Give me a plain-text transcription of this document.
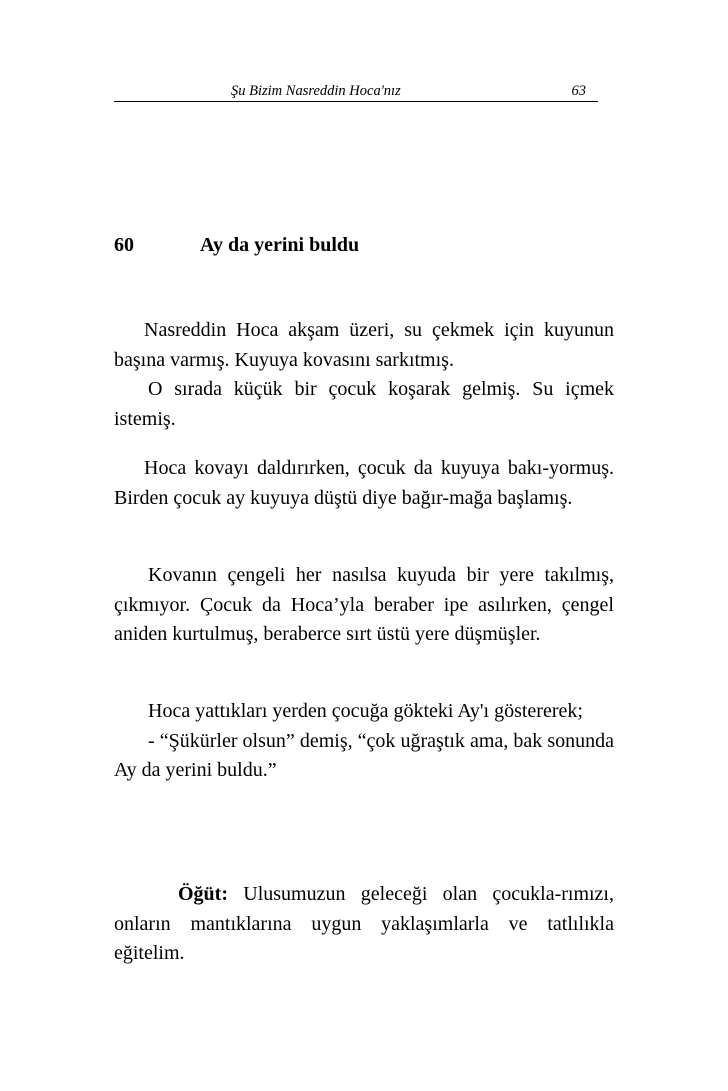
Şu Bizim Nasreddin Hoca'nız	63
60	Ay da yerini buldu

Nasreddin Hoca akşam üzeri, su çekmek için kuyunun başına varmış. Kuyuya kovasını sarkıtmış.

O sırada küçük bir çocuk koşarak gelmiş. Su içmek istemiş.

Hoca kovayı daldırırken, çocuk da kuyuya bakı-yormuş. Birden çocuk ay kuyuya düştü diye bağır-mağa başlamış.

Kovanın çengeli her nasılsa kuyuda bir yere takılmış, çıkmıyor. Çocuk da Hoca’yla beraber ipe asılırken, çengel aniden kurtulmuş, beraberce sırt üstü yere düşmüşler.

Hoca yattıkları yerden çocuğa gökteki Ay'ı göstererek;

- “Şükürler olsun” demiş, “çok uğraştık ama, bak sonunda Ay da yerini buldu.”

Öğüt: Ulusumuzun geleceği olan çocukla-rımızı, onların mantıklarına uygun yaklaşımlarla ve tatlılıkla eğitelim.
